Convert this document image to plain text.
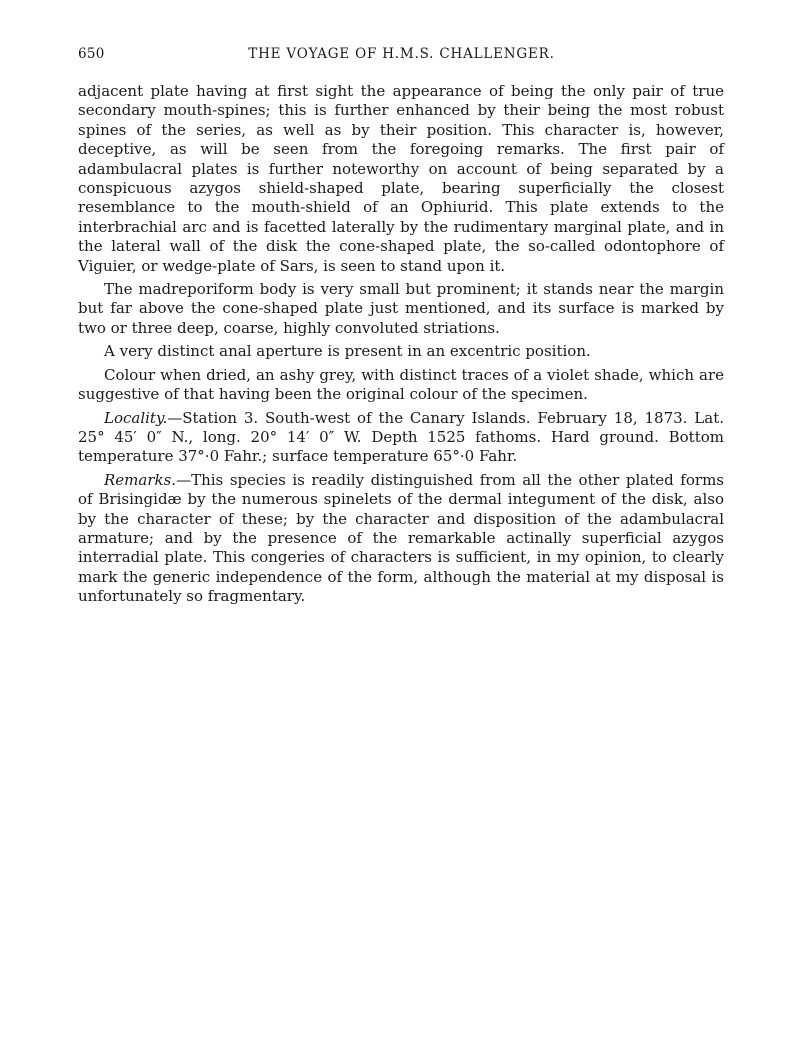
650	THE VOYAGE OF H.M.S. CHALLENGER.

adjacent plate having at first sight the appearance of being the only pair of true secondary mouth-spines; this is further enhanced by their being the most robust spines of the series, as well as by their position. This character is, however, deceptive, as will be seen from the foregoing remarks. The first pair of adambulacral plates is further noteworthy on account of being separated by a conspicuous azygos shield-shaped plate, bearing superficially the closest resemblance to the mouth-shield of an Ophiurid. This plate extends to the interbrachial arc and is facetted laterally by the rudimentary marginal plate, and in the lateral wall of the disk the cone-shaped plate, the so-called odontophore of Viguier, or wedge-plate of Sars, is seen to stand upon it.

The madreporiform body is very small but prominent; it stands near the margin but far above the cone-shaped plate just mentioned, and its surface is marked by two or three deep, coarse, highly convoluted striations.

A very distinct anal aperture is present in an excentric position.

Colour when dried, an ashy grey, with distinct traces of a violet shade, which are suggestive of that having been the original colour of the specimen.

Locality.—Station 3. South-west of the Canary Islands. February 18, 1873. Lat. 25° 45′ 0″ N., long. 20° 14′ 0″ W. Depth 1525 fathoms. Hard ground. Bottom temperature 37°·0 Fahr.; surface temperature 65°·0 Fahr.

Remarks.—This species is readily distinguished from all the other plated forms of Brisingidæ by the numerous spinelets of the dermal integument of the disk, also by the character of these; by the character and disposition of the adambulacral armature; and by the presence of the remarkable actinally superficial azygos interradial plate. This congeries of characters is sufficient, in my opinion, to clearly mark the generic independence of the form, although the material at my disposal is unfortunately so fragmentary.
